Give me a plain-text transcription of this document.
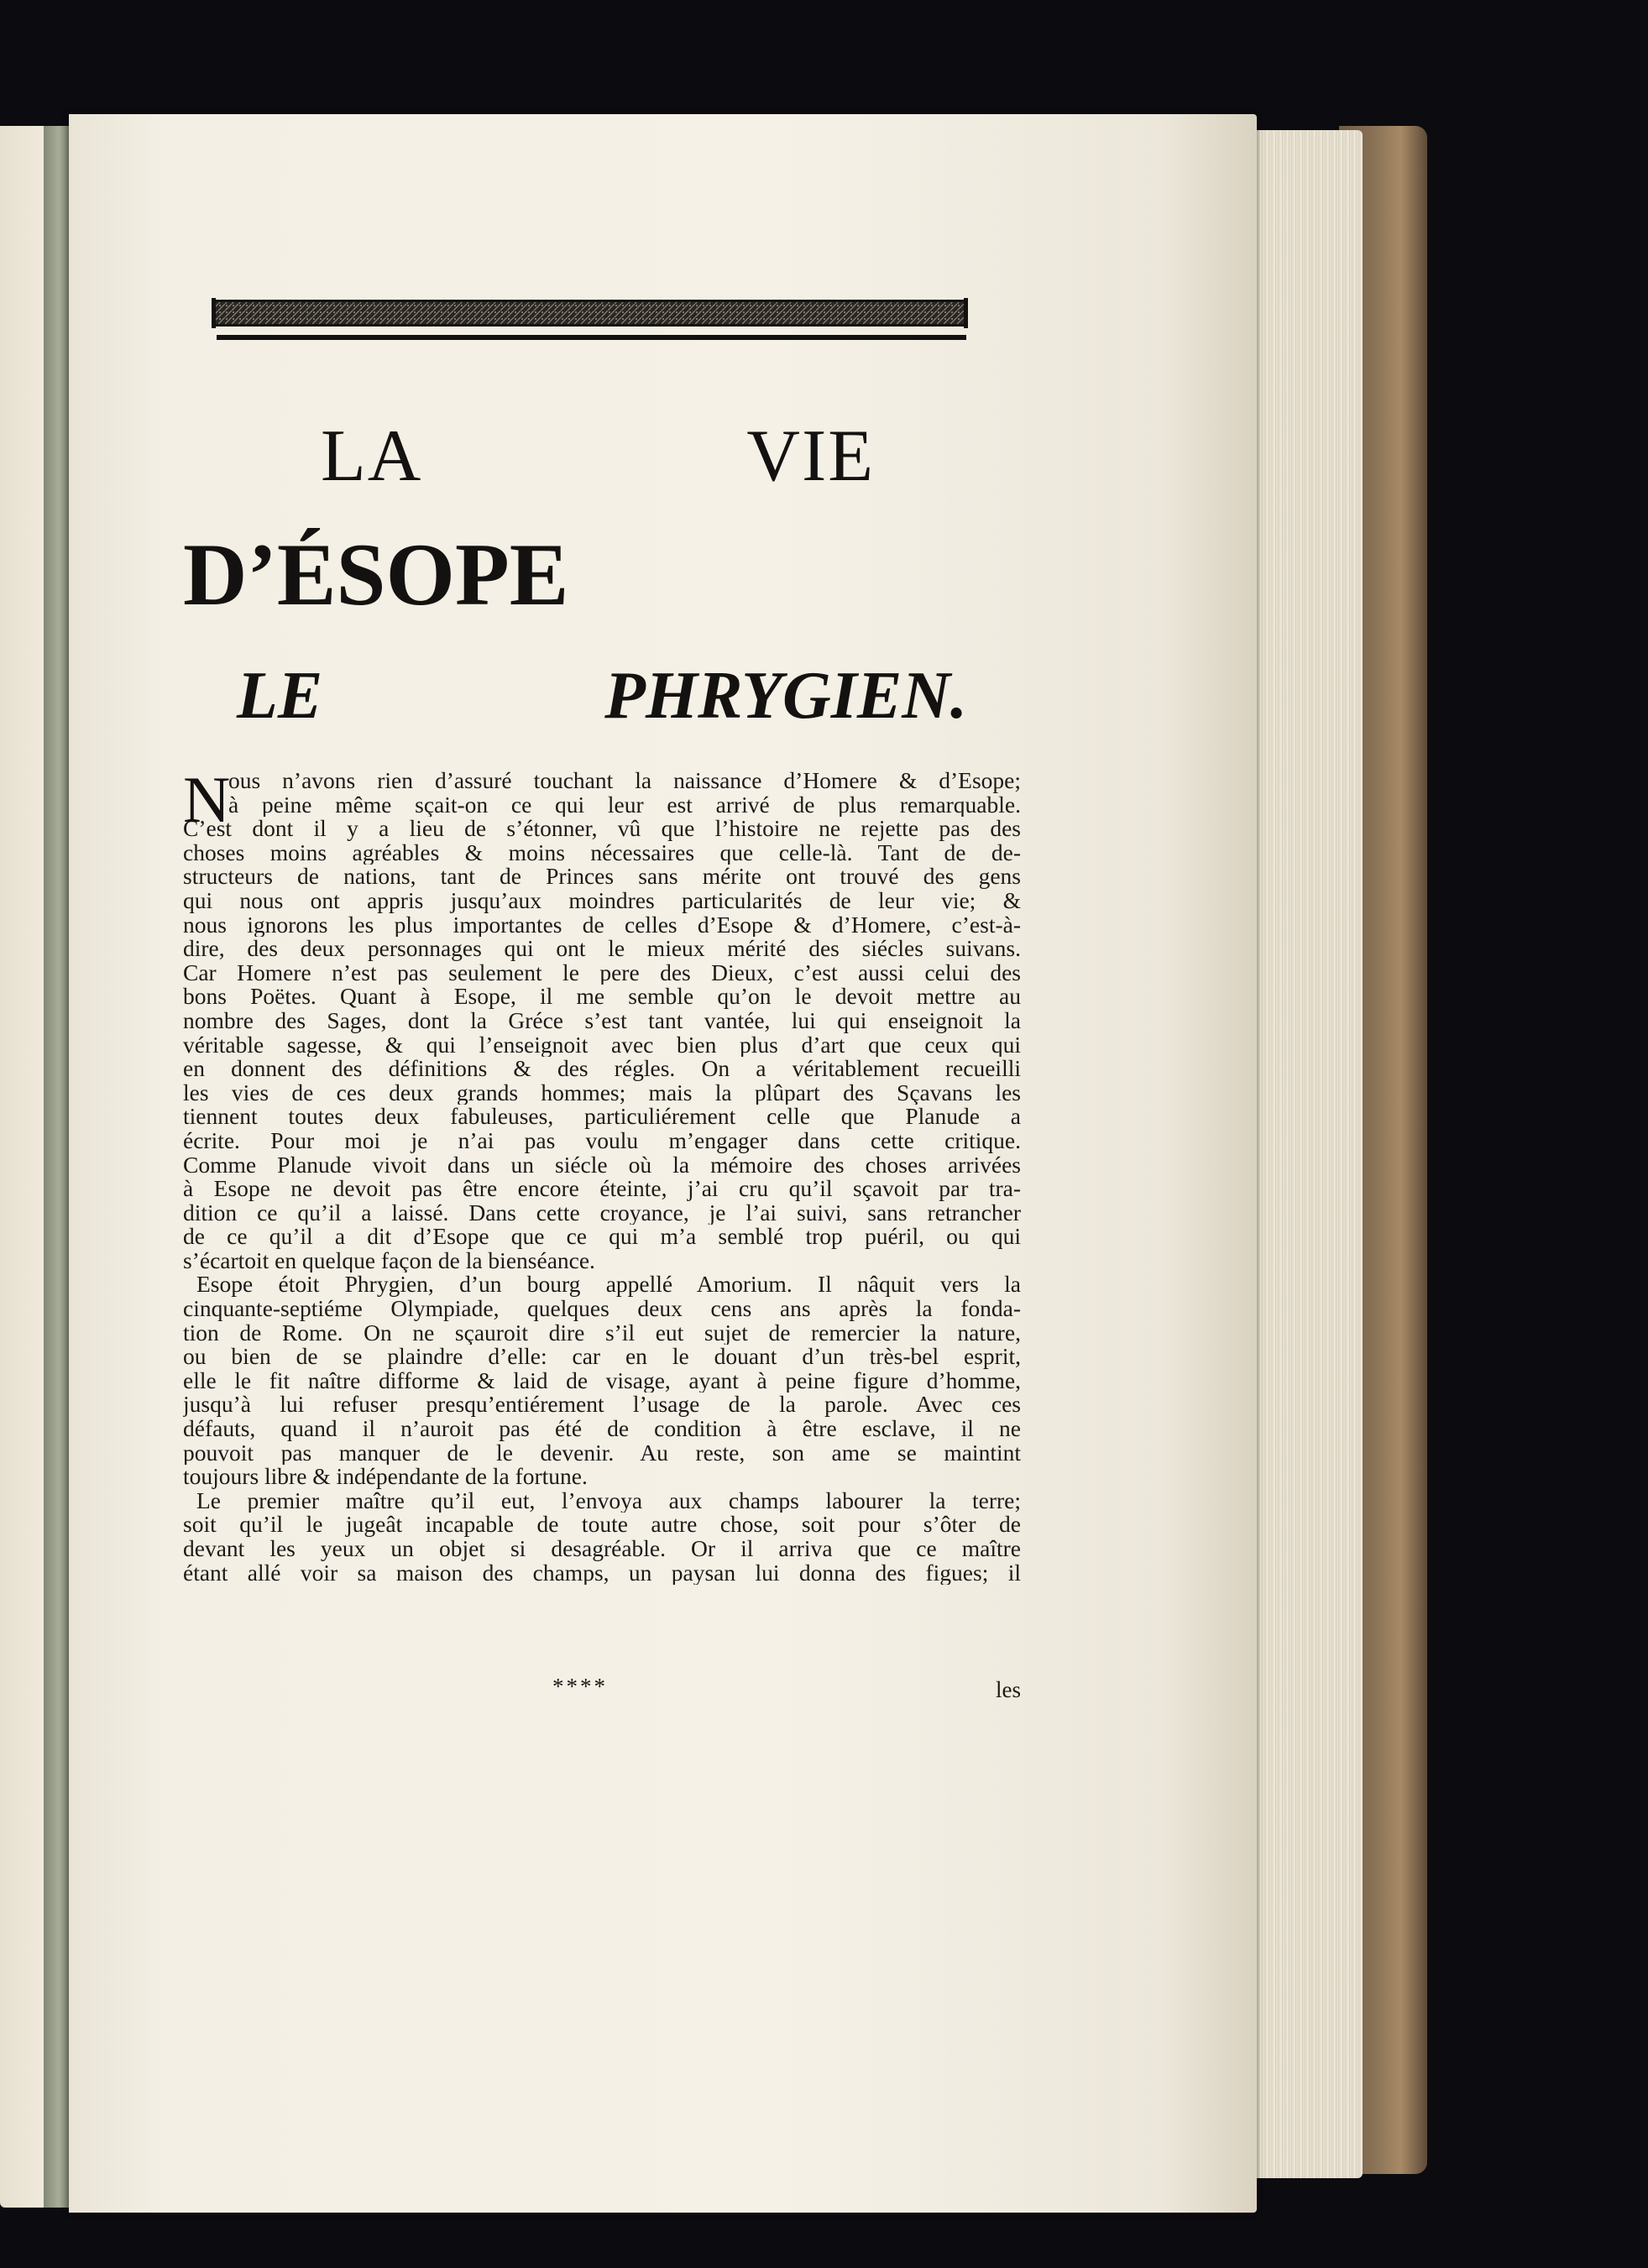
LA VIE
D’ÉSOPE
LE PHRYGIEN.
N
ous n’avons rien d’assuré touchant la naissance d’Homere & d’Esope;
à peine même sçait-on ce qui leur est arrivé de plus remarquable.
C’est dont il y a lieu de s’étonner, vû que l’histoire ne rejette pas des
choses moins agréables & moins nécessaires que celle-là. Tant de de-
structeurs de nations, tant de Princes sans mérite ont trouvé des gens
qui nous ont appris jusqu’aux moindres particularités de leur vie; &
nous ignorons les plus importantes de celles d’Esope & d’Homere, c’est-à-
dire, des deux personnages qui ont le mieux mérité des siécles suivans.
Car Homere n’est pas seulement le pere des Dieux, c’est aussi celui des
bons Poëtes. Quant à Esope, il me semble qu’on le devoit mettre au
nombre des Sages, dont la Gréce s’est tant vantée, lui qui enseignoit la
véritable sagesse, & qui l’enseignoit avec bien plus d’art que ceux qui
en donnent des définitions & des régles. On a véritablement recueilli
les vies de ces deux grands hommes; mais la plûpart des Sçavans les
tiennent toutes deux fabuleuses, particuliérement celle que Planude a
écrite. Pour moi je n’ai pas voulu m’engager dans cette critique.
Comme Planude vivoit dans un siécle où la mémoire des choses arrivées
à Esope ne devoit pas être encore éteinte, j’ai cru qu’il sçavoit par tra-
dition ce qu’il a laissé. Dans cette croyance, je l’ai suivi, sans retrancher
de ce qu’il a dit d’Esope que ce qui m’a semblé trop puéril, ou qui
s’écartoit en quelque façon de la bienséance.
Esope étoit Phrygien, d’un bourg appellé Amorium. Il nâquit vers la
cinquante-septiéme Olympiade, quelques deux cens ans après la fonda-
tion de Rome. On ne sçauroit dire s’il eut sujet de remercier la nature,
ou bien de se plaindre d’elle: car en le douant d’un très-bel esprit,
elle le fit naître difforme & laid de visage, ayant à peine figure d’homme,
jusqu’à lui refuser presqu’entiérement l’usage de la parole. Avec ces
défauts, quand il n’auroit pas été de condition à être esclave, il ne
pouvoit pas manquer de le devenir. Au reste, son ame se maintint
toujours libre & indépendante de la fortune.
Le premier maître qu’il eut, l’envoya aux champs labourer la terre;
soit qu’il le jugeât incapable de toute autre chose, soit pour s’ôter de
devant les yeux un objet si desagréable. Or il arriva que ce maître
étant allé voir sa maison des champs, un paysan lui donna des figues; il
****	les
